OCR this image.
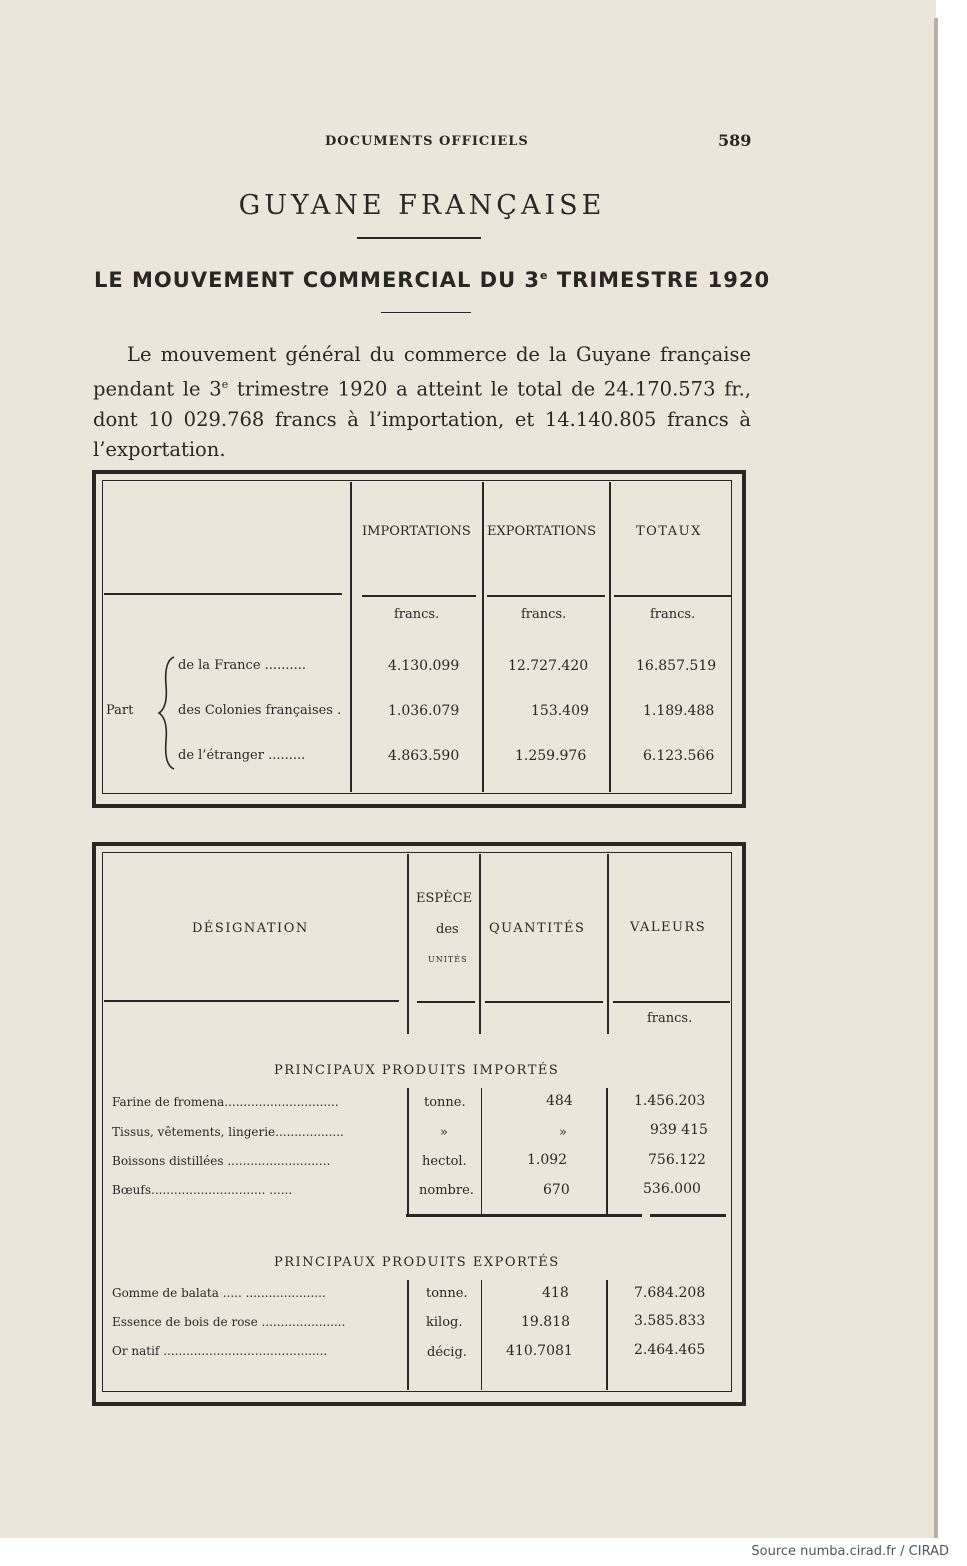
DOCUMENTS OFFICIELS	589
GUYANE FRANÇAISE
LE MOUVEMENT COMMERCIAL DU 3e TRIMESTRE 1920

Le mouvement général du commerce de la Guyane française pendant le 3e trimestre 1920 a atteint le total de 24.170.573 fr., dont 10 029.768 francs à l’importation, et 14.140.805 francs à l’exportation.

IMPORTATIONS EXPORTATIONS	TOTAUX
francs.	francs.	francs.
Part
de la France ..........	4.130.099	12.727.420	16.857.519
des Colonies françaises .	1.036.079	153.409	1.189.488
de l’étranger .........	4.863.590	1.259.976	6.123.566
DÉSIGNATION
ESPÈCE
des
UNITÉS
QUANTITÉS	VALEURS
francs.
PRINCIPAUX PRODUITS IMPORTÉS
Farine de fromena..............................	tonne.	484	1.456.203
Tissus, vêtements, lingerie..................	»	»	939 415
Boissons distillées ...........................	hectol.	1.092	756.122
Bœufs.............................. ......	nombre.	670	536.000
PRINCIPAUX PRODUITS EXPORTÉS
Gomme de balata ..... .....................	tonne.	418	7.684.208
Essence de bois de rose ......................	kilog.	19.818	3.585.833
Or natif ...........................................	décig.	410.7081	2.464.465
Source numba.cirad.fr / CIRAD
